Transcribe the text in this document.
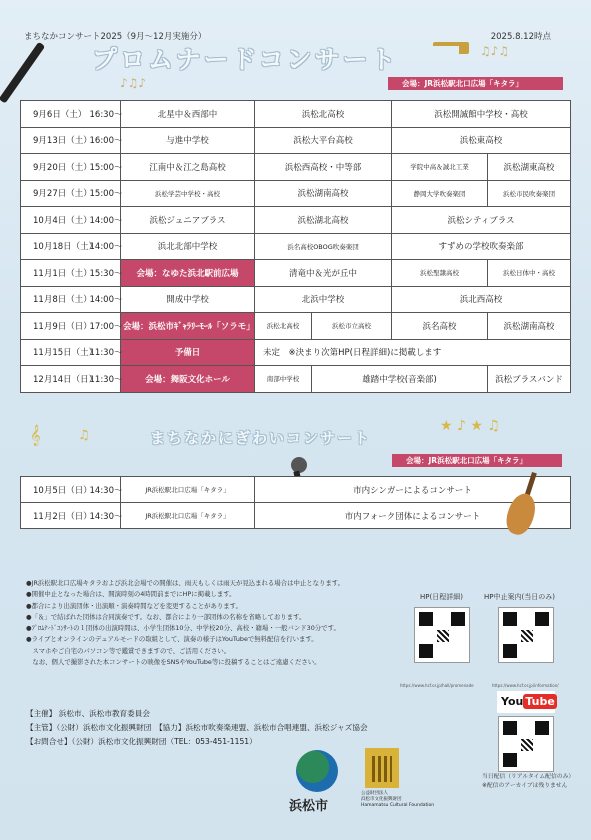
まちなかコンサート2025（9月～12月実施分）	2025.8.12時点
♪♫♪
♫♪♫
プロムナードコンサート
会場：JR浜松駅北口広場「キタラ」
9月6日（土）	16:30～	北星中＆西部中	浜松北高校		浜松開誠館中学校・高校	
9月13日（土）	16:00～	与進中学校	浜松大平台高校		浜松東高校	
9月20日（土）	15:00～	江南中＆江之島高校	浜松西高校・中等部		学院中高＆誠北工業	浜松湖東高校
9月27日（土）	15:00～	浜松学芸中学校・高校	浜松湖南高校		静岡大学吹奏楽団	浜松市民吹奏楽団
10月4日（土）	14:00～	浜松ジュニアブラス	浜松湖北高校		浜松シティブラス	
10月18日（土）	14:00～	浜北北部中学校	浜名高校OBOG吹奏楽団		すずめの学校吹奏楽部	
11月1日（土）	15:30～	会場：なゆた浜北駅前広場	清竜中＆光が丘中		浜松聖隷高校	浜松日体中・高校
11月8日（土）	14:00～	開成中学校	北浜中学校		浜北西高校	
11月9日（日）	17:00～	会場：浜松市ｷﾞｬﾗﾘｰﾓｰﾙ「ソラモ」	浜松北高校	浜松市立高校	浜名高校	浜松湖南高校
11月15日（土）	11:30～	予備日	未定　※決まり次第HP(日程詳細)に掲載します			
12月14日（日）	11:30～	会場：舞阪文化ホール	南部中学校	雄踏中学校(音楽部)		浜松ブラスバンド
𝄞	♫
★ ♪ ★ ♫
まちなかにぎわいコンサート
会場：JR浜松駅北口広場「キタラ」
10月5日（日）	14:30～	JR浜松駅北口広場「キタラ」	市内シンガーによるコンサート
11月2日（日）	14:30～	JR浜松駅北口広場「キタラ」	市内フォーク団体によるコンサート
●JR浜松駅北口広場キタラおよび浜北会場での開催は、雨天もしくは雨天が見込まれる場合は中止となります。
●開催中止となった場合は、開演時刻の4時間前までにHPに掲載します。
●都合により出演団体・出演順・演奏時間などを変更することがあります。
●「＆」で結ばれた団体は合同演奏です。なお、都合により一部団体の名称を省略しております。
●ﾌﾟﾛﾑﾅｰﾄﾞｺﾝｻｰﾄの１団体の出演時間は、小学生団体10分、中学校20分、高校・籍場・一般バンド30分です。
●ライブとオンラインのデュアルモードの取組として、演奏の様子はYouTubeで無料配信を行います。
　スマホやご自宅のパソコン等で鑑賞できますので、ご活用ください。
　なお、個人で撮影された本コンサートの映像をSNSやYouTube等に投稿することはご遠慮ください。
【主催】 浜松市、浜松市教育委員会
【主管】（公財）浜松市文化振興財団　【協力】浜松市吹奏楽連盟、浜松市合唱連盟、浜松ジャズ協会
【お問合せ】（公財）浜松市文化振興財団（TEL：053-451-1151）
HP(日程詳細)
https://www.hcf.or.jp/hall/promenade
HP中止案内(当日のみ)
https://www.hcf.or.jp/information/
You Tube
当日配信（リアルタイム配信のみ）
※配信のアーカイブは残りません
浜松市
公益財団法人
浜松市文化振興財団
Hamamatsu Cultural Foundation
